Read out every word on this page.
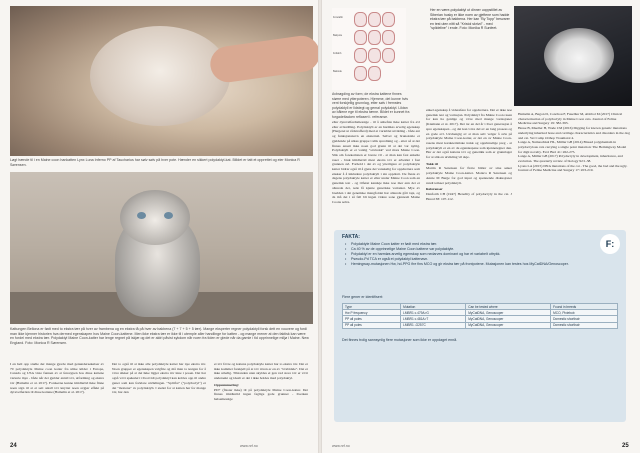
Løgt hænde til i en Maine coon hankatten Lynx Luna Inferno PP af Taucharius har sølv sølv på hver pote. Hænder en sikkert polydaktyl-kat. Billdet er tatt et opprettet og eier Monica R Sørensen.
Kattungen Bellona er født med to ekstra tær på hver av frambena og en ekstra tå på hver av bakbena (7 + 7 + 5 + 5 tær). Mange eksperter regner polydaktyli forsk dett en vouvere og fordi man ikke kjenner historien hva dermed egenskapen hos Maine Coon-kattene. Men ikke ekstra tær er ikke til i utemple aller handlinge for katten - og mange mener at den faktisk kan være en fordel med ekstra tær. Polydaktyl Maine Coon-katter har lenge regnet på iskjæ og det er aldri påvist sykdom når noen fra tiden er glede når da gamle i tid opprinnelige miljø i Maine. New England. Foto: Monica R Sørensen.
I en helt opp studie der mange gjorde med genundersøkelser av 70 polydaktyle Maine coon katter fra ulike kilder i Europa, Canada og USA viste funnen av at fenotypen hos disse kattene varierte mye - både når det gjelder antall tær, utforming og ekstra tær (Hamelin et al. 2017). Forskerne kunne imidlertid ikke finne noen sign til at et sett antall tær knyttet noen avgjør effekt på dyrevelferden til disse kattene (Hamelin et al. 2017).
Det to også til at ikke alle polydaktyle katter har nye ekstra tær. Noen grupper er egenskapen valgfrie og må man ta testgen for å være sikker på at det ikke ligger ekstra tær inne i posen. Det har også vært spekulert i hvorvidt polydaktyl kan kobles opp til andre gener som kan forklare utviklingen. "Splitfot" ("polydactyl") er det "mottene" av polydaktyli. I stedet for at katten har for mange tær, har den
et tær færre og kattens polydaktyle katter har to ekstra tær. Det er ikke kommet forskjell på at tær tæren er en av "tæsbidele". Det er ikke utledig. Tilstanden uten skyldes et gen ved store tær er vært undersøkt og ideelt er det i ikke holdes med polydaktyl.
Oppsummering:
PD+ (flaster ikke) til på polydaktyle Maine Coon-katter. Det finnes imidlertid ingen faglige gode grunner - hverken helsemessige
24	www.nrf.no
Forelabb
Bakpote
Fotlabb
Bakside
Avbrøgding av form; de ekstra kattene finnes større med ytterpoteren. Hjemme, det kunne hvis vent forskjellig grunnlag, etter sølv i fremstes polydaktyli er lidstegt og gemal polydaktyl. Liktan av bålene ege til ekstra tærne. Bildet er kunnet fra forgadeltacken reflasert i. referanse.
Her en være-polydaktyl ut dinner uoppstillet av Siberian husky er ikke noen av gjeftene som hadde ekstra tær på bakbena. Her kan "By Topp" besvarer en test uten nitti så "Kristol skrivd" - med "splideline" i ende. Foto: Monika R Sunfeet.
eller dyrevelferdsmessige - til å anbefale ikke katter fra avl eller avlsstilling. Polydaktyli er en harmløs arvelig egenskap (Hergeret ut rådstrafferd) med et variablet utvikling - både ant og funksjonsnavn en eksternal. Sølvet og brunoktale er gjeldende på ulkes gruppe i ulik spredning og - etter så at det finnes ansatt ikke noen god grunn til at det var nyttig. Polydaktyli er et vanlig "særtrekk" ved mars Maine Coon. Slik om forekomsten er lavere vil - at man kan fast enkelte raser - bruk imidlertid mest ekstra tær er arbeidet i fast grunnen avl. Forhold i det av og ytterligere av polydaktyle katter bidrar også til å gjøre det vanskelig for oppdrettere som ønsker å å inkludere polydaktyli i sin oppdrett. De fleste av dagens polydaktyle katter er eller under Maine Coon som en genetisk test - og tilføret kanskje ikke noe mer enn det er allerede det, rede få kjente genetiske varianter. Mye av bredden i det genetiske mangfoldet har allerede gått tapt, og da må det i så fall bli ingen videre sone gjennom Maine Coons selve.
enkel egenskap å videreføre for oppdrettere. Det er ikke noe genetisk test og variasjon. Polydaktyl fra Maine Coon rasen for kan ha genlige og være med mange variasjoner (Kiemann et al. 2017). Det tar en del år i hver generasjon å spre egenskapen - og det kan være del av en lang prosess og en gode avl. Uavhengig av at man selv velger å avle på polydaktyle Maine Coon-katter, er det en av Maine Coon-rasens mest karakteristiske trekk og opprinnelige preg - at polydaktyli er en av de egenskapene som kjennetegner den. Her er det også kattens tær og genetikk som er grunnlaget for at slik en utvikling vil skje.
Takk til
Martin R Sørensen for flotte bilder av sine søker polydaktyle Maine Coon-katter. Monica R Sørensen og Annie M Berge for god input og spennende diskusjoner rundt temaet polydaktyli.
Referanser
Danforth CH (1947) Heredity of polydactyly in the cat. J Hered 38: 107-112.
Hamelin A, Begon D, Conchou F, Fusellier M, Abitbol M (2017) Clinical characterisation of polydactyly in Maine Coon cats. Journal of Feline Medicine and Surgery 19: 382-393.
Hesse B, Mueller H, Wade CM (2016) Digging for known genetic mutations underlying inherited bone and cartilage characteristics and disorders in the dog and cat. Vet Comp Orthop Traumatol 4.
Lange A, Nemeschkal HL, Müller GB (2014) Biased polyphenism in polydactylous cats carrying a single point mutation: The Hemingway Model for digit novelty. Evol Biol 41: 262-275.
Lange A, Müller GB (2017) Polydactyly in development, inheritance, and evolution. The quarterly review of biology 92:1-38.
Lyons LA (2015) DNA mutations of the cat - The good, the bad and the ugly. Journal of Feline Medicine and Surgery 17: 203-219.
FAKTA:
F:
• Polydaktyle Maine Coon katter er født med ekstra tær.
• Ca 40 % av de opprinnelige Maine Coon kattene var polydaktyle.
• Polydaktyl er en harmløs arvelig egenskap som nedarves dominant og har et variabelt uttrykk.
• Pseudo-Pd TCA er også et polydaktyl kattenavn.
• Hemingway-mutasjonen Hw, hd-PPG fire fins MCO og gir ekstra tær på frontpotene. Mutasjonen kan testes hos MyCatDNA/Genoscoper.
Flere gener er identifisert:
Type	Mutation	Can be tested where	Found in breeds
Hw P frequency	LMBR1 c.479A>G	MyCatDNA, Genoscoper	MCO, Pixiebob
PP all poles	LMBR1 c.481A>T	MyCatDNA, Genoscoper	Domestic shorthair
PP all poles	LMBR1 -G257C	MyCatDNA, Genoscoper	Domestic shorthair
Det finnes trolig sannsynlig flere mutasjoner som ikke er oppdaget ennå.
www.nrf.no	25
